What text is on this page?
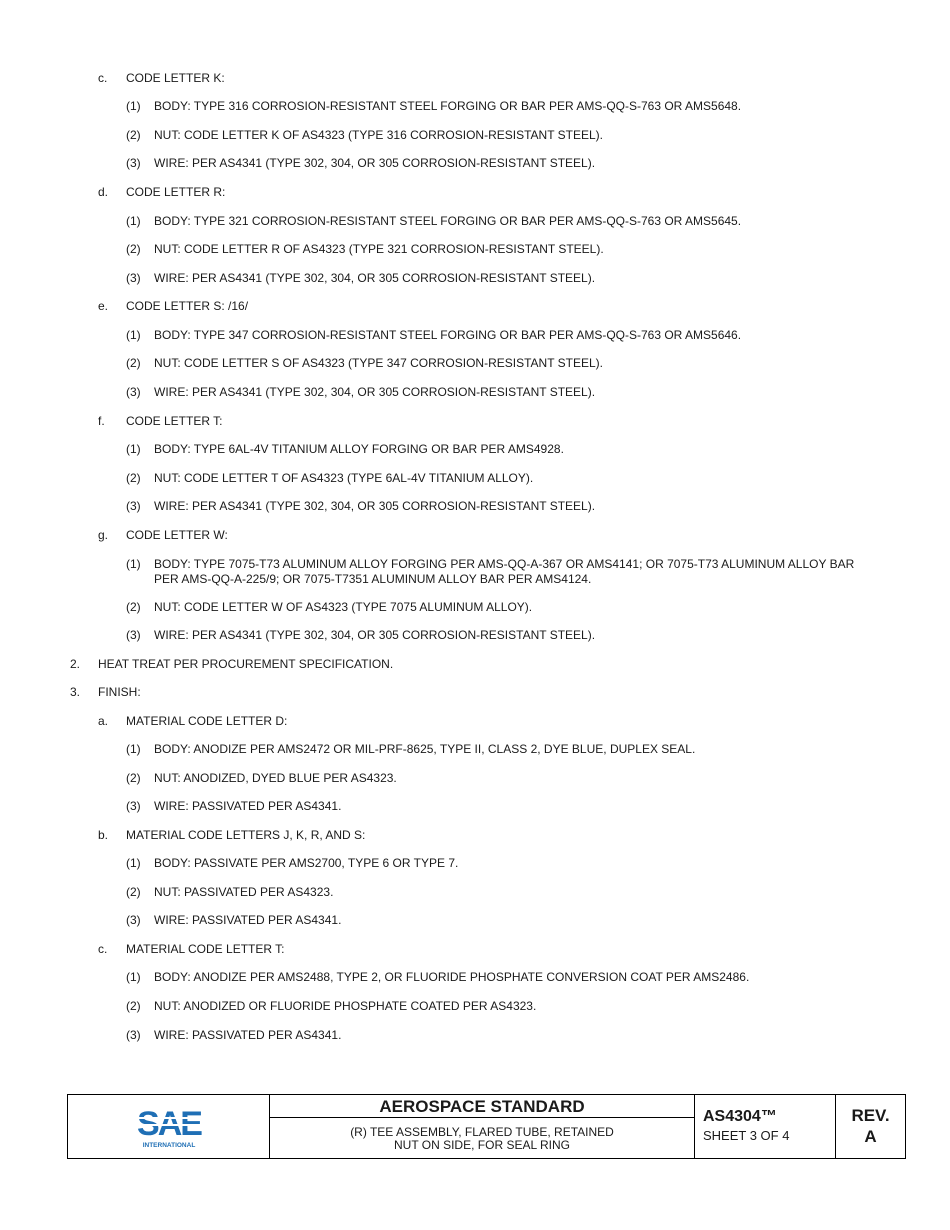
c. CODE LETTER K:
(1) BODY: TYPE 316 CORROSION-RESISTANT STEEL FORGING OR BAR PER AMS-QQ-S-763 OR AMS5648.
(2) NUT: CODE LETTER K OF AS4323 (TYPE 316 CORROSION-RESISTANT STEEL).
(3) WIRE: PER AS4341 (TYPE 302, 304, OR 305 CORROSION-RESISTANT STEEL).
d. CODE LETTER R:
(1) BODY: TYPE 321 CORROSION-RESISTANT STEEL FORGING OR BAR PER AMS-QQ-S-763 OR AMS5645.
(2) NUT: CODE LETTER R OF AS4323 (TYPE 321 CORROSION-RESISTANT STEEL).
(3) WIRE: PER AS4341 (TYPE 302, 304, OR 305 CORROSION-RESISTANT STEEL).
e. CODE LETTER S: /16/
(1) BODY: TYPE 347 CORROSION-RESISTANT STEEL FORGING OR BAR PER AMS-QQ-S-763 OR AMS5646.
(2) NUT: CODE LETTER S OF AS4323 (TYPE 347 CORROSION-RESISTANT STEEL).
(3) WIRE: PER AS4341 (TYPE 302, 304, OR 305 CORROSION-RESISTANT STEEL).
f. CODE LETTER T:
(1) BODY: TYPE 6AL-4V TITANIUM ALLOY FORGING OR BAR PER AMS4928.
(2) NUT: CODE LETTER T OF AS4323 (TYPE 6AL-4V TITANIUM ALLOY).
(3) WIRE: PER AS4341 (TYPE 302, 304, OR 305 CORROSION-RESISTANT STEEL).
g. CODE LETTER W:
(1) BODY: TYPE 7075-T73 ALUMINUM ALLOY FORGING PER AMS-QQ-A-367 OR AMS4141; OR 7075-T73 ALUMINUM ALLOY BAR PER AMS-QQ-A-225/9; OR 7075-T7351 ALUMINUM ALLOY BAR PER AMS4124.
(2) NUT: CODE LETTER W OF AS4323 (TYPE 7075 ALUMINUM ALLOY).
(3) WIRE: PER AS4341 (TYPE 302, 304, OR 305 CORROSION-RESISTANT STEEL).
2. HEAT TREAT PER PROCUREMENT SPECIFICATION.
3. FINISH:
a. MATERIAL CODE LETTER D:
(1) BODY: ANODIZE PER AMS2472 OR MIL-PRF-8625, TYPE II, CLASS 2, DYE BLUE, DUPLEX SEAL.
(2) NUT: ANODIZED, DYED BLUE PER AS4323.
(3) WIRE: PASSIVATED PER AS4341.
b. MATERIAL CODE LETTERS J, K, R, AND S:
(1) BODY: PASSIVATE PER AMS2700, TYPE 6 OR TYPE 7.
(2) NUT: PASSIVATED PER AS4323.
(3) WIRE: PASSIVATED PER AS4341.
c. MATERIAL CODE LETTER T:
(1) BODY: ANODIZE PER AMS2488, TYPE 2, OR FLUORIDE PHOSPHATE CONVERSION COAT PER AMS2486.
(2) NUT: ANODIZED OR FLUORIDE PHOSPHATE COATED PER AS4323.
(3) WIRE: PASSIVATED PER AS4341.
SAE
INTERNATIONAL
AEROSPACE STANDARD
(R) TEE ASSEMBLY, FLARED TUBE, RETAINED
NUT ON SIDE, FOR SEAL RING
AS4304™
SHEET 3 OF 4
REV.
A
